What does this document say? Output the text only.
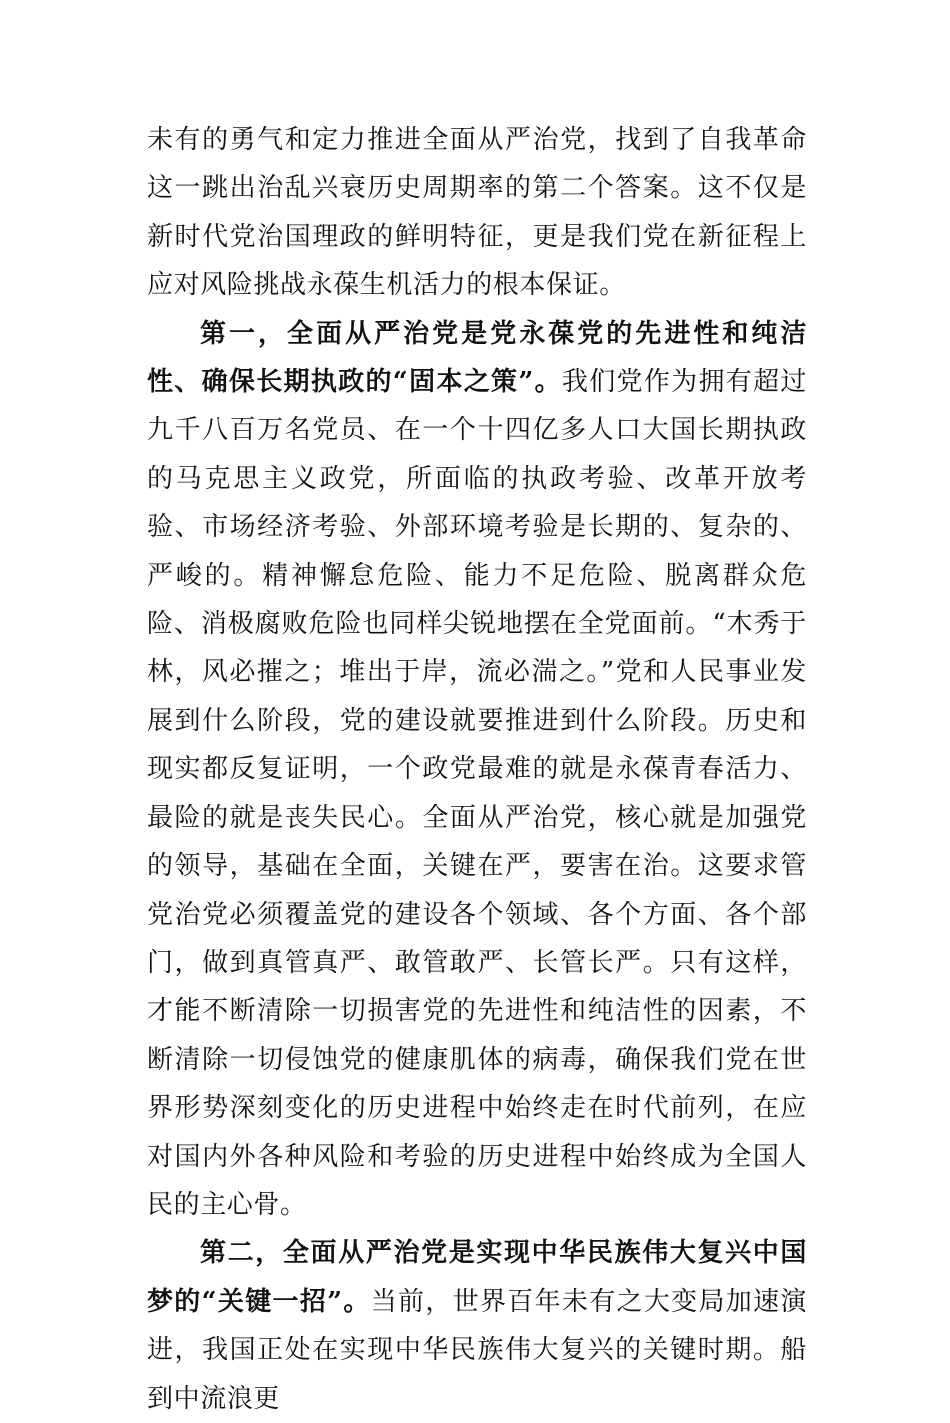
未有的勇气和定力推进全面从严治党，找到了自我革命这一跳出治乱兴衰历史周期率的第二个答案。这不仅是新时代党治国理政的鲜明特征，更是我们党在新征程上应对风险挑战永葆生机活力的根本保证。

第一，全面从严治党是党永葆党的先进性和纯洁性、确保长期执政的“固本之策”。我们党作为拥有超过九千八百万名党员、在一个十四亿多人口大国长期执政的马克思主义政党，所面临的执政考验、改革开放考验、市场经济考验、外部环境考验是长期的、复杂的、严峻的。精神懈怠危险、能力不足危险、脱离群众危险、消极腐败危险也同样尖锐地摆在全党面前。“木秀于林，风必摧之；堆出于岸，流必湍之。”党和人民事业发展到什么阶段，党的建设就要推进到什么阶段。历史和现实都反复证明，一个政党最难的就是永葆青春活力、最险的就是丧失民心。全面从严治党，核心就是加强党的领导，基础在全面，关键在严，要害在治。这要求管党治党必须覆盖党的建设各个领域、各个方面、各个部门，做到真管真严、敢管敢严、长管长严。只有这样，才能不断清除一切损害党的先进性和纯洁性的因素，不断清除一切侵蚀党的健康肌体的病毒，确保我们党在世界形势深刻变化的历史进程中始终走在时代前列，在应对国内外各种风险和考验的历史进程中始终成为全国人民的主心骨。

第二，全面从严治党是实现中华民族伟大复兴中国梦的“关键一招”。当前，世界百年未有之大变局加速演进，我国正处在实现中华民族伟大复兴的关键时期。船到中流浪更
